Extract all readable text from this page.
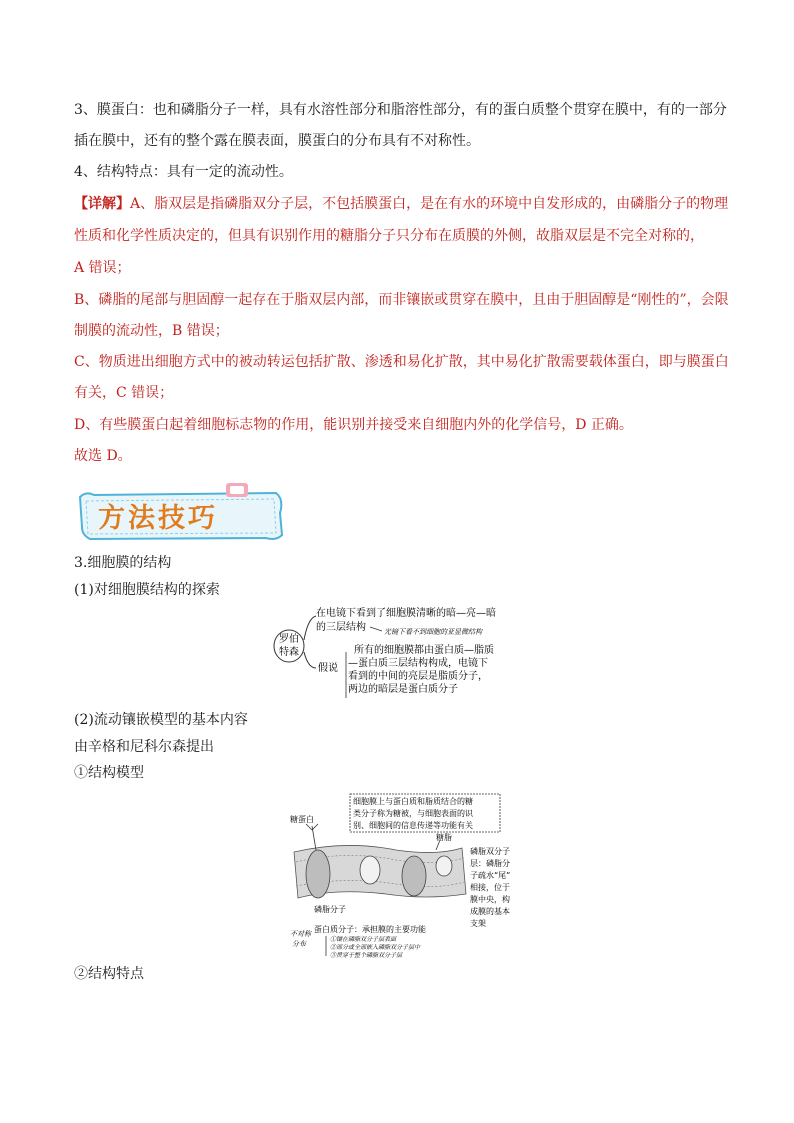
3、膜蛋白：也和磷脂分子一样，具有水溶性部分和脂溶性部分，有的蛋白质整个贯穿在膜中，有的一部分
插在膜中，还有的整个露在膜表面，膜蛋白的分布具有不对称性。
4、结构特点：具有一定的流动性。
【详解】A、脂双层是指磷脂双分子层，不包括膜蛋白，是在有水的环境中自发形成的，由磷脂分子的物理
性质和化学性质决定的，但具有识别作用的糖脂分子只分布在质膜的外侧，故脂双层是不完全对称的，
A 错误；
B、磷脂的尾部与胆固醇一起存在于脂双层内部，而非镶嵌或贯穿在膜中，且由于胆固醇是“刚性的”，会限
制膜的流动性，B 错误；
C、物质进出细胞方式中的被动转运包括扩散、渗透和易化扩散，其中易化扩散需要载体蛋白，即与膜蛋白
有关，C 错误；
D、有些膜蛋白起着细胞标志物的作用，能识别并接受来自细胞内外的化学信号，D 正确。
故选 D。
方法技巧
3.细胞膜的结构
(1)对细胞膜结构的探索
罗伯
特森
在电镜下看到了细胞膜清晰的暗—亮—暗
的三层结构	光镜下看不到细胞的亚显微结构
假说
所有的细胞膜都由蛋白质—脂质
—蛋白质三层结构构成，电镜下
看到的中间的亮层是脂质分子，
两边的暗层是蛋白质分子
(2)流动镶嵌模型的基本内容
由辛格和尼科尔森提出
①结构模型
细胞膜上与蛋白质和脂质结合的糖
类分子称为糖被，与细胞表面的识
别、细胞间的信息传递等功能有关
糖蛋白
糖脂
磷脂双分子
层：磷脂分
子疏水“尾”
相接，位于
膜中央，构
成膜的基本
支架
磷脂分子
蛋白质分子：承担膜的主要功能
不对称
分布
①镶在磷脂双分子层表面
②部分或全部嵌入磷脂双分子层中
③贯穿于整个磷脂双分子层
②结构特点
